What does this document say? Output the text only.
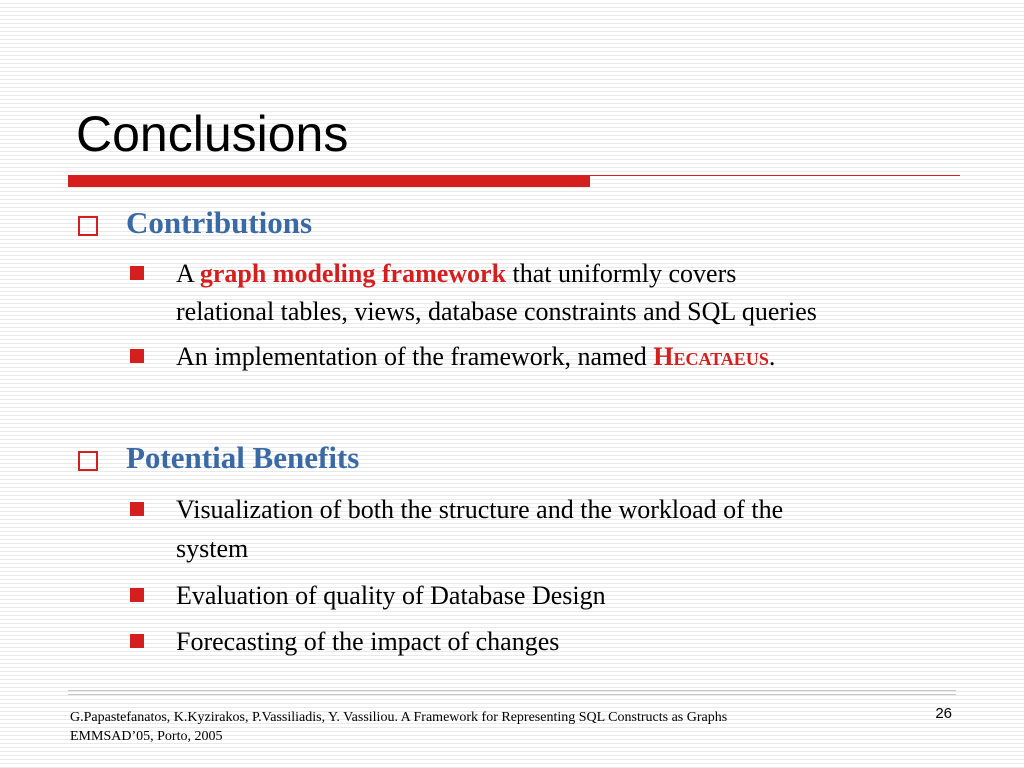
Conclusions
Contributions
A graph modeling framework that uniformly covers
relational tables, views, database constraints and SQL queries
An implementation of the framework, named Hecataeus.
Potential Benefits
Visualization of both the structure and the workload of the
system
Evaluation of quality of Database Design
Forecasting of the impact of changes
G.Papastefanatos, K.Kyzirakos, P.Vassiliadis, Y. Vassiliou. A Framework for Representing SQL Constructs as Graphs
EMMSAD’05, Porto, 2005
26
